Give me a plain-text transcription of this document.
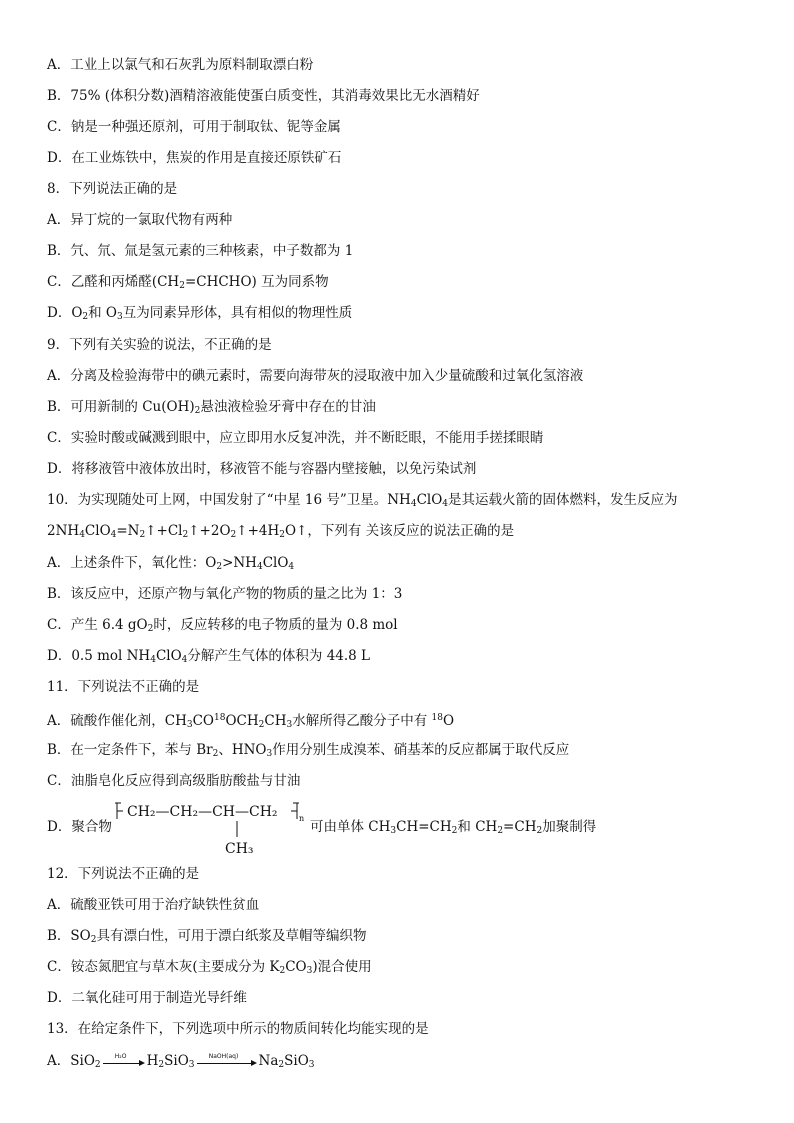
A．工业上以氯气和石灰乳为原料制取漂白粉
B．75% (体积分数)酒精溶液能使蛋白质变性，其消毒效果比无水酒精好
C．钠是一种强还原剂，可用于制取钛、铌等金属
D．在工业炼铁中，焦炭的作用是直接还原铁矿石
8．下列说法正确的是
A．异丁烷的一氯取代物有两种
B．氕、氘、氚是氢元素的三种核素，中子数都为 1
C．乙醛和丙烯醛$(CH_2=CHCHO)$ 互为同系物
D．$O_2$和 $O_3$互为同素异形体，具有相似的物理性质
9．下列有关实验的说法，不正确的是
A．分离及检验海带中的碘元素时，需要向海带灰的浸取液中加入少量硫酸和过氧化氢溶液
B．可用新制的 $Cu(OH)_2$悬浊液检验牙膏中存在的甘油
C．实验时酸或碱溅到眼中，应立即用水反复冲洗，并不断眨眼，不能用手搓揉眼睛
D．将移液管中液体放出时，移液管不能与容器内壁接触，以免污染试剂
10．为实现随处可上网，中国发射了“中星 16 号”卫星。$NH_4ClO_4$是其运载火箭的固体燃料，发生反应为
$2NH_4ClO_4=N_2↑+Cl_2↑+2O_2↑+4H_2O↑$，下列有 关该反应的说法正确的是
A．上述条件下，氧化性：$O_2>NH_4ClO_4$
B．该反应中，还原产物与氧化产物的物质的量之比为 1：3
C．产生 6.4 $gO_2$时，反应转移的电子物质的量为 0.8 mol
D．0.5 mol $NH_4ClO_4$分解产生气体的体积为 44.8 L
11．下列说法不正确的是
A．硫酸作催化剂，$CH_3CO^{18}OCH_2CH_3$水解所得乙酸分子中有 $^{18}$O
B．在一定条件下，苯与 $Br_2$、$HNO_3$作用分别生成溴苯、硝基苯的反应都属于取代反应
C．油脂皂化反应得到高级脂肪酸盐与甘油
D．聚合物	可由单体 $CH_3CH=CH_2$和 $CH_2=CH_2$加聚制得
12．下列说法不正确的是
A．硫酸亚铁可用于治疗缺铁性贫血
B．$SO_2$具有漂白性，可用于漂白纸浆及草帽等编织物
C．铵态氮肥宜与草木灰(主要成分为 $K_2CO_3$)混合使用
D．二氧化硅可用于制造光导纤维
13．在给定条件下，下列选项中所示的物质间转化均能实现的是
A．SiO$_2$
H₂O	$H_2SiO_3$
NaOH(aq)	$Na_2SiO_3$
CH₂—CH₂—CH—CH₂	n
CH₃
